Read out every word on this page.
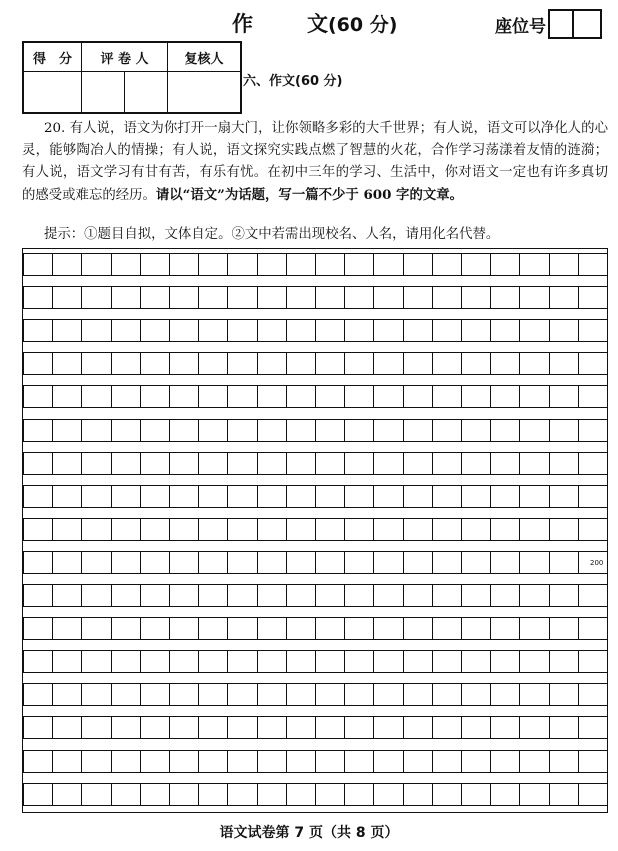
作	文(60 分)	座位号
得　分	评 卷 人		复核人

六、作文(60 分)

20. 有人说，语文为你打开一扇大门，让你领略多彩的大千世界；有人说，语文可以净化人的心灵，能够陶冶人的情操；有人说，语文探究实践点燃了智慧的火花，合作学习荡漾着友情的涟漪；有人说，语文学习有甘有苦，有乐有忧。在初中三年的学习、生活中，你对语文一定也有许多真切的感受或难忘的经历。请以“语文”为话题，写一篇不少于 600 字的文章。

提示：①题目自拟，文体自定。②文中若需出现校名、人名，请用化名代替。
200
语文试卷第 7 页（共 8 页）
